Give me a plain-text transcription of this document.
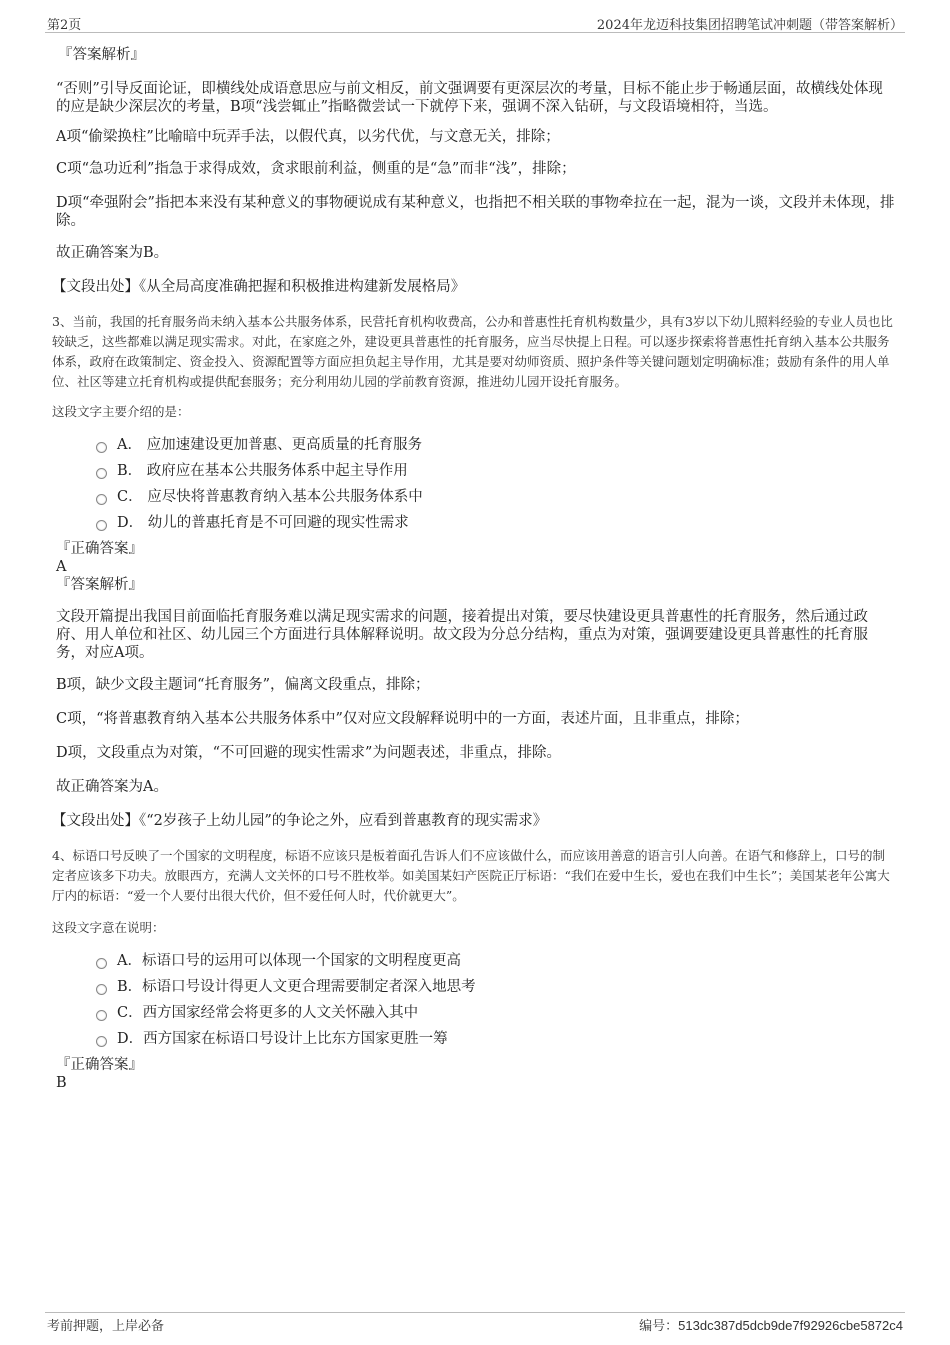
第2页	2024年龙迈科技集团招聘笔试冲刺题（带答案解析）
『答案解析』

“否则”引导反面论证，即横线处成语意思应与前文相反，前文强调要有更深层次的考量，目标不能止步于畅通层面，故横线处体现的应是缺少深层次的考量，B项“浅尝辄止”指略微尝试一下就停下来，强调不深入钻研，与文段语境相符，当选。

A项“偷梁换柱”比喻暗中玩弄手法，以假代真，以劣代优，与文意无关，排除；

C项“急功近利”指急于求得成效，贪求眼前利益，侧重的是“急”而非“浅”，排除；

D项“牵强附会”指把本来没有某种意义的事物硬说成有某种意义，也指把不相关联的事物牵拉在一起，混为一谈，文段并未体现，排除。

故正确答案为B。

【文段出处】《从全局高度准确把握和积极推进构建新发展格局》

3、当前，我国的托育服务尚未纳入基本公共服务体系，民营托育机构收费高，公办和普惠性托育机构数量少，具有3岁以下幼儿照料经验的专业人员也比较缺乏，这些都难以满足现实需求。对此，在家庭之外，建设更具普惠性的托育服务，应当尽快提上日程。可以逐步探索将普惠性托育纳入基本公共服务体系，政府在政策制定、资金投入、资源配置等方面应担负起主导作用，尤其是要对幼师资质、照护条件等关键问题划定明确标准；鼓励有条件的用人单位、社区等建立托育机构或提供配套服务；充分利用幼儿园的学前教育资源，推进幼儿园开设托育服务。

这段文字主要介绍的是：

A． 应加速建设更加普惠、更高质量的托育服务
B． 政府应在基本公共服务体系中起主导作用
C． 应尽快将普惠教育纳入基本公共服务体系中
D． 幼儿的普惠托育是不可回避的现实性需求
『正确答案』
A
『答案解析』

文段开篇提出我国目前面临托育服务难以满足现实需求的问题，接着提出对策，要尽快建设更具普惠性的托育服务，然后通过政府、用人单位和社区、幼儿园三个方面进行具体解释说明。故文段为分总分结构，重点为对策，强调要建设更具普惠性的托育服务，对应A项。

B项，缺少文段主题词“托育服务”，偏离文段重点，排除；

C项，“将普惠教育纳入基本公共服务体系中”仅对应文段解释说明中的一方面，表述片面，且非重点，排除；

D项，文段重点为对策，“不可回避的现实性需求”为问题表述，非重点，排除。

故正确答案为A。

【文段出处】《“2岁孩子上幼儿园”的争论之外，应看到普惠教育的现实需求》

4、标语口号反映了一个国家的文明程度，标语不应该只是板着面孔告诉人们不应该做什么，而应该用善意的语言引人向善。在语气和修辞上，口号的制定者应该多下功夫。放眼西方，充满人文关怀的口号不胜枚举。如美国某妇产医院正厅标语：“我们在爱中生长，爱也在我们中生长”；美国某老年公寓大厅内的标语：“爱一个人要付出很大代价，但不爱任何人时，代价就更大”。

这段文字意在说明：

A．标语口号的运用可以体现一个国家的文明程度更高
B．标语口号设计得更人文更合理需要制定者深入地思考
C．西方国家经常会将更多的人文关怀融入其中
D．西方国家在标语口号设计上比东方国家更胜一筹
『正确答案』
B
考前押题，上岸必备	编号：513dc387d5dcb9de7f92926cbe5872c4
